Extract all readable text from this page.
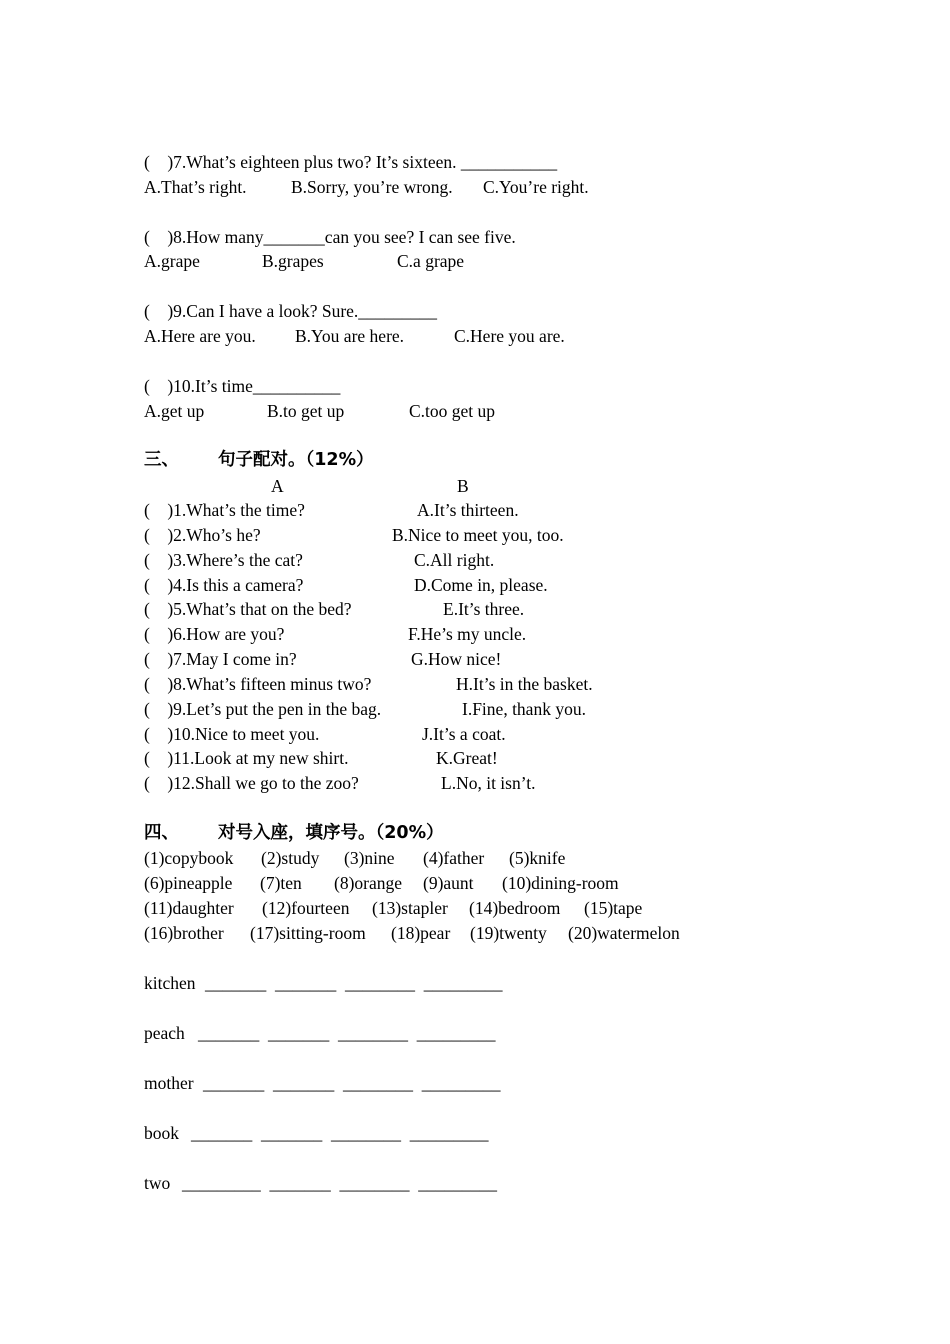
(    )7.What’s eighteen plus two? It’s sixteen. ___________
A.That’s right.	B.Sorry, you’re wrong. C.You’re right.
(    )8.How many_______can you see? I can see five.
A.grape	B.grapes	C.a grape
(    )9.Can I have a look? Sure._________
A.Here are you. B.You are here.	C.Here you are.
(    )10.It’s time__________
A.get up	B.to get up	C.too get up
三、 句子配对。（12%）
A	B
(    )1.What’s the time?	A.It’s thirteen.
(    )2.Who’s he?	B.Nice to meet you, too.
(    )3.Where’s the cat?	C.All right.
(    )4.Is this a camera?	D.Come in, please.
(    )5.What’s that on the bed?	E.It’s three.
(    )6.How are you?	F.He’s my uncle.
(    )7.May I come in?	G.How nice!
(    )8.What’s fifteen minus two?	H.It’s in the basket.
(    )9.Let’s put the pen in the bag.	I.Fine, thank you.
(    )10.Nice to meet you.	J.It’s a coat.
(    )11.Look at my new shirt.	K.Great!
(    )12.Shall we go to the zoo?	L.No, it isn’t.
四、 对号入座，填序号。（20%）
(1)copybook (2)study (3)nine (4)father (5)knife
(6)pineapple (7)ten (8)orange (9)aunt (10)dining-room
(11)daughter (12)fourteen (13)stapler (14)bedroom (15)tape
(16)brother (17)sitting-room (18)pear (19)twenty (20)watermelon
kitchen _______  _______  ________  _________
peach _______  _______  ________  _________
mother _______  _______  ________  _________
book _______  _______  ________  _________
two _________  _______  ________  _________
